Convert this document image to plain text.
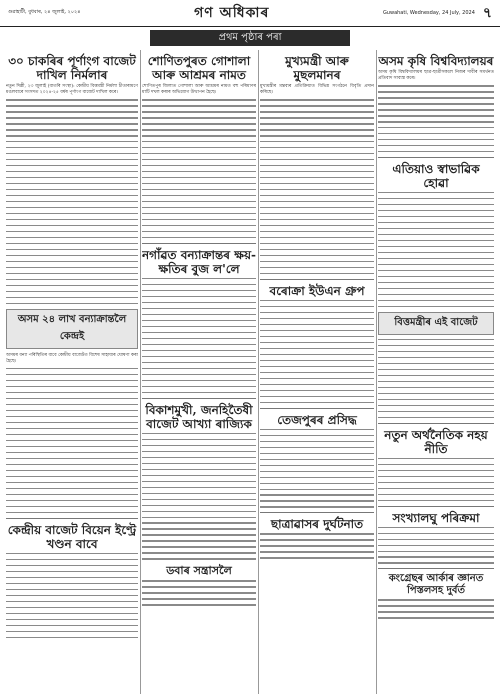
গুৱাহাটী, বুধবাৰ, ২৪ জুলাই, ২০২৪	গণ অধিকাৰ	Guwahati, Wednesday, 24 July, 2024 ৭
প্ৰথম পৃষ্ঠাৰ পৰা
৩০ চাকৰিৰ পূৰ্ণাংগ বাজেট দাখিল নিৰ্মলাৰ
নতুন দিল্লী, ২৩ জুলাই (বাতৰি সংস্থা): কেন্দ্ৰীয় বিত্তমন্ত্ৰী নিৰ্মলা চীতাৰামণে মঙলবাৰে সংসদত ২০২৪-২৫ বৰ্ষৰ পূৰ্ণাংগ বাজেট দাখিল কৰে।
অসম ২৪ লাখ বন্যাক্ৰান্তলৈ কেন্দ্ৰই
অসমৰ বন্যা পৰিস্থিতিৰ বাবে কেন্দ্ৰীয় বাজেটত বিশেষ সাহায্যৰ ঘোষণা কৰা হৈছে।
কেন্দ্ৰীয় বাজেট বিয়েন ইণ্ট্ৰে খণ্ডন বাবে
শোণিতপুৰত গোশালা আৰু আশ্ৰমৰ নামত
শোণিতপুৰ জিলাত গোশালা আৰু আশ্ৰমৰ নামত বহু পৰিমাণৰ মাটি দখল কৰাৰ অভিযোগ উত্থাপন হৈছে।
নগাঁৱত বন্যাক্ৰান্তৰ ক্ষয়-ক্ষতিৰ বুজ ল'লে
বিকাশমুখী, জনহিতৈষী বাজেট আখ্যা ৰাজ্যিক
ডবাৰ সন্ত্ৰাসলৈ
মুখ্যমন্ত্ৰী আৰু মুছলমানৰ
মুখ্যমন্ত্ৰীৰ মন্তব্যৰ প্ৰতিক্ৰিয়াত বিভিন্ন সংগঠনে বিবৃতি প্ৰদান কৰিছে।
বৰোক্ৰা ইউএন গ্ৰুপ
তেজপুৰৰ প্ৰসিদ্ধ
ছাত্ৰাৱাসৰ দুৰ্ঘটনাত
অসম কৃষি বিশ্ববিদ্যালয়ৰ
অসম কৃষি বিশ্ববিদ্যালয়ৰ ছাত্ৰ-ছাত্ৰীসকলে নিজৰ দাবীৰ সমৰ্থনত প্ৰতিবাদ সাব্যস্ত কৰে।
এতিয়াও স্বাভাৱিক হোৱা
বিত্তমন্ত্ৰীৰ এই বাজেট
নতুন অৰ্থনৈতিক নহয় নীতি
সংখ্যালঘু পৰিক্ৰমা
কংগ্ৰেছৰ আৰ্কাৰ জ্ঞানত পিস্তলসহ দুৰ্বৰ্ত
